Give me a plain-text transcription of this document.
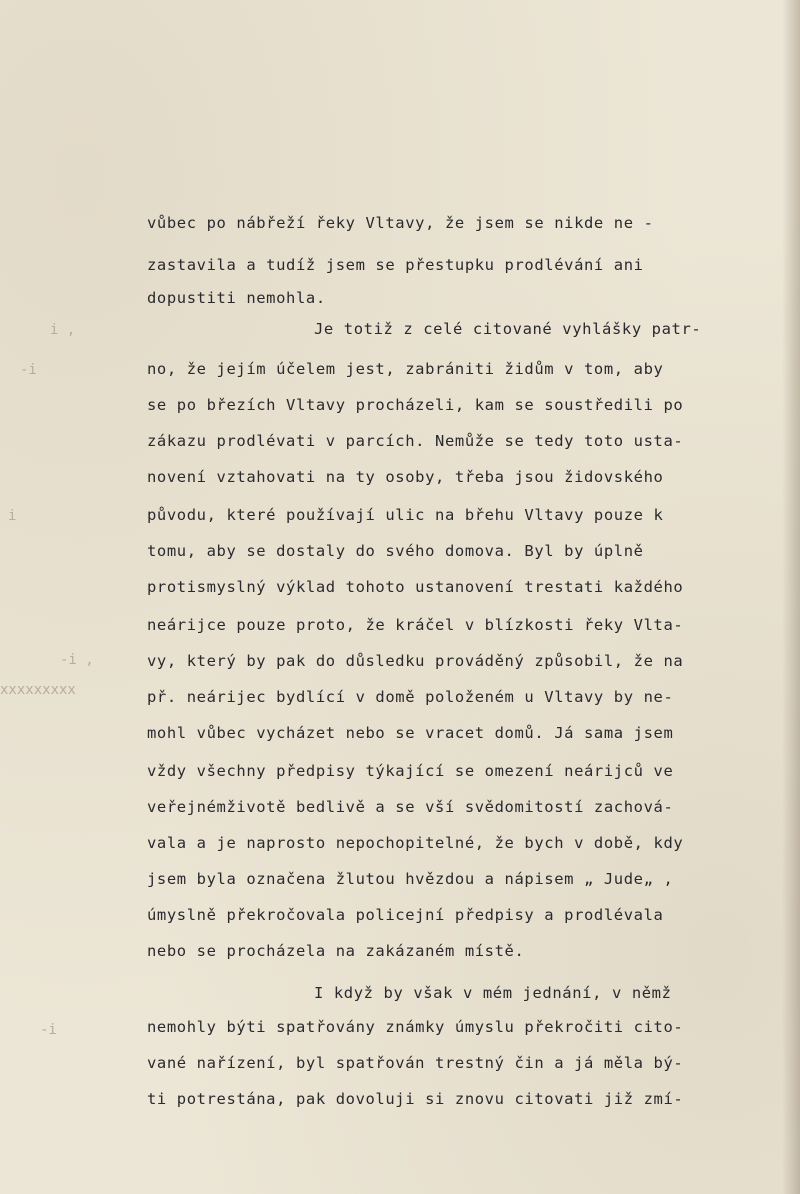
i ,
-i
i
-i ,
xxxxxxxxx
-i
vůbec po nábřeží řeky Vltavy, že jsem se nikde ne -
zastavila a tudíž jsem se přestupku prodlévání ani
dopustiti nemohla.
Je totiž z celé citované vyhlášky patr-
no, že jejím účelem jest, zabrániti židům v tom, aby
se po březích Vltavy procházeli, kam se soustředili po
zákazu prodlévati v parcích. Nemůže se tedy toto usta-
novení vztahovati na ty osoby, třeba jsou židovského
původu, které používají ulic na břehu Vltavy pouze k
tomu, aby se dostaly do svého domova. Byl by úplně
protismyslný výklad tohoto ustanovení trestati každého
neárijce pouze proto, že kráčel v blízkosti řeky Vlta-
vy, který by pak do důsledku prováděný způsobil, že na
př. neárijec bydlící v domě položeném u Vltavy by ne-
mohl vůbec vycházet nebo se vracet domů. Já sama jsem
vždy všechny předpisy týkající se omezení neárijců ve
veřejnémživotě bedlivě a se vší svědomitostí zachová-
vala a je naprosto nepochopitelné, že bych v době, kdy
jsem byla označena žlutou hvězdou a nápisem „ Jude„ ,
úmyslně překročovala policejní předpisy a prodlévala
nebo se procházela na zakázaném místě.
I když by však v mém jednání, v němž
nemohly býti spatřovány známky úmyslu překročiti cito-
vané nařízení, byl spatřován trestný čin a já měla bý-
ti potrestána, pak dovoluji si znovu citovati již zmí-
